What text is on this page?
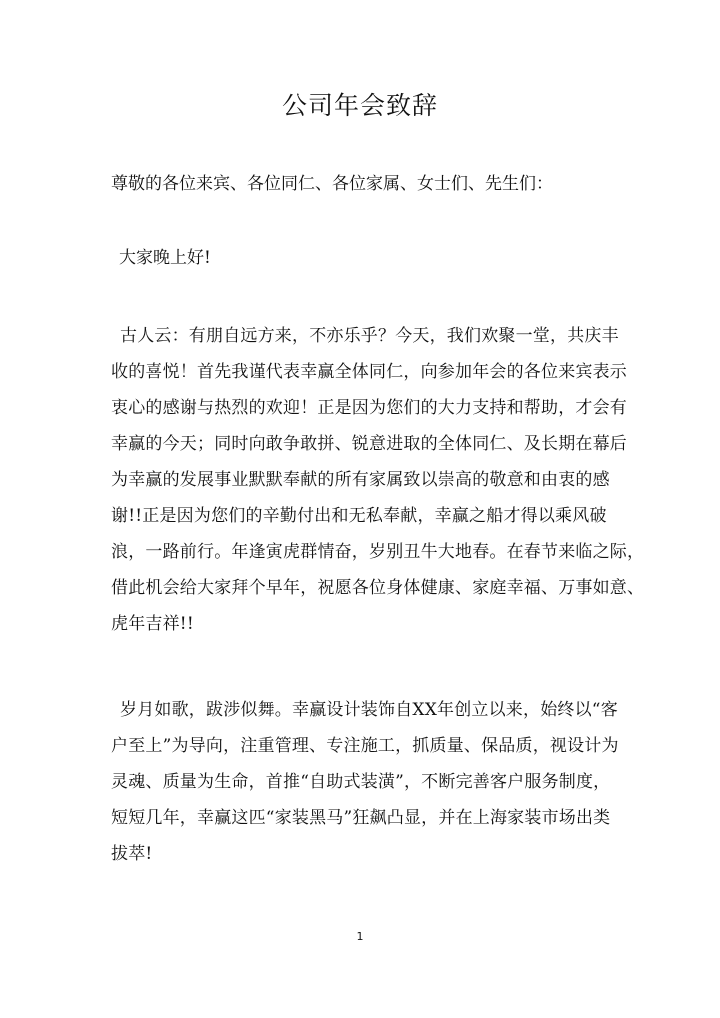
公司年会致辞
尊敬的各位来宾、各位同仁、各位家属、女士们、先生们：
大家晚上好!
古人云：有朋自远方来，不亦乐乎？今天，我们欢聚一堂，共庆丰
收的喜悦！首先我谨代表幸赢全体同仁，向参加年会的各位来宾表示
衷心的感谢与热烈的欢迎！正是因为您们的大力支持和帮助，才会有
幸赢的今天；同时向敢争敢拼、锐意进取的全体同仁、及长期在幕后
为幸赢的发展事业默默奉献的所有家属致以崇高的敬意和由衷的感
谢!!正是因为您们的辛勤付出和无私奉献，幸赢之船才得以乘风破
浪，一路前行。年逢寅虎群情奋，岁别丑牛大地春。在春节来临之际，
借此机会给大家拜个早年，祝愿各位身体健康、家庭幸福、万事如意、
虎年吉祥!!
岁月如歌，跋涉似舞。幸赢设计装饰自XX年创立以来，始终以“客
户至上”为导向，注重管理、专注施工，抓质量、保品质，视设计为
灵魂、质量为生命，首推“自助式装潢”，不断完善客户服务制度，
短短几年，幸赢这匹“家装黑马”狂飙凸显，并在上海家装市场出类
拔萃!
1
